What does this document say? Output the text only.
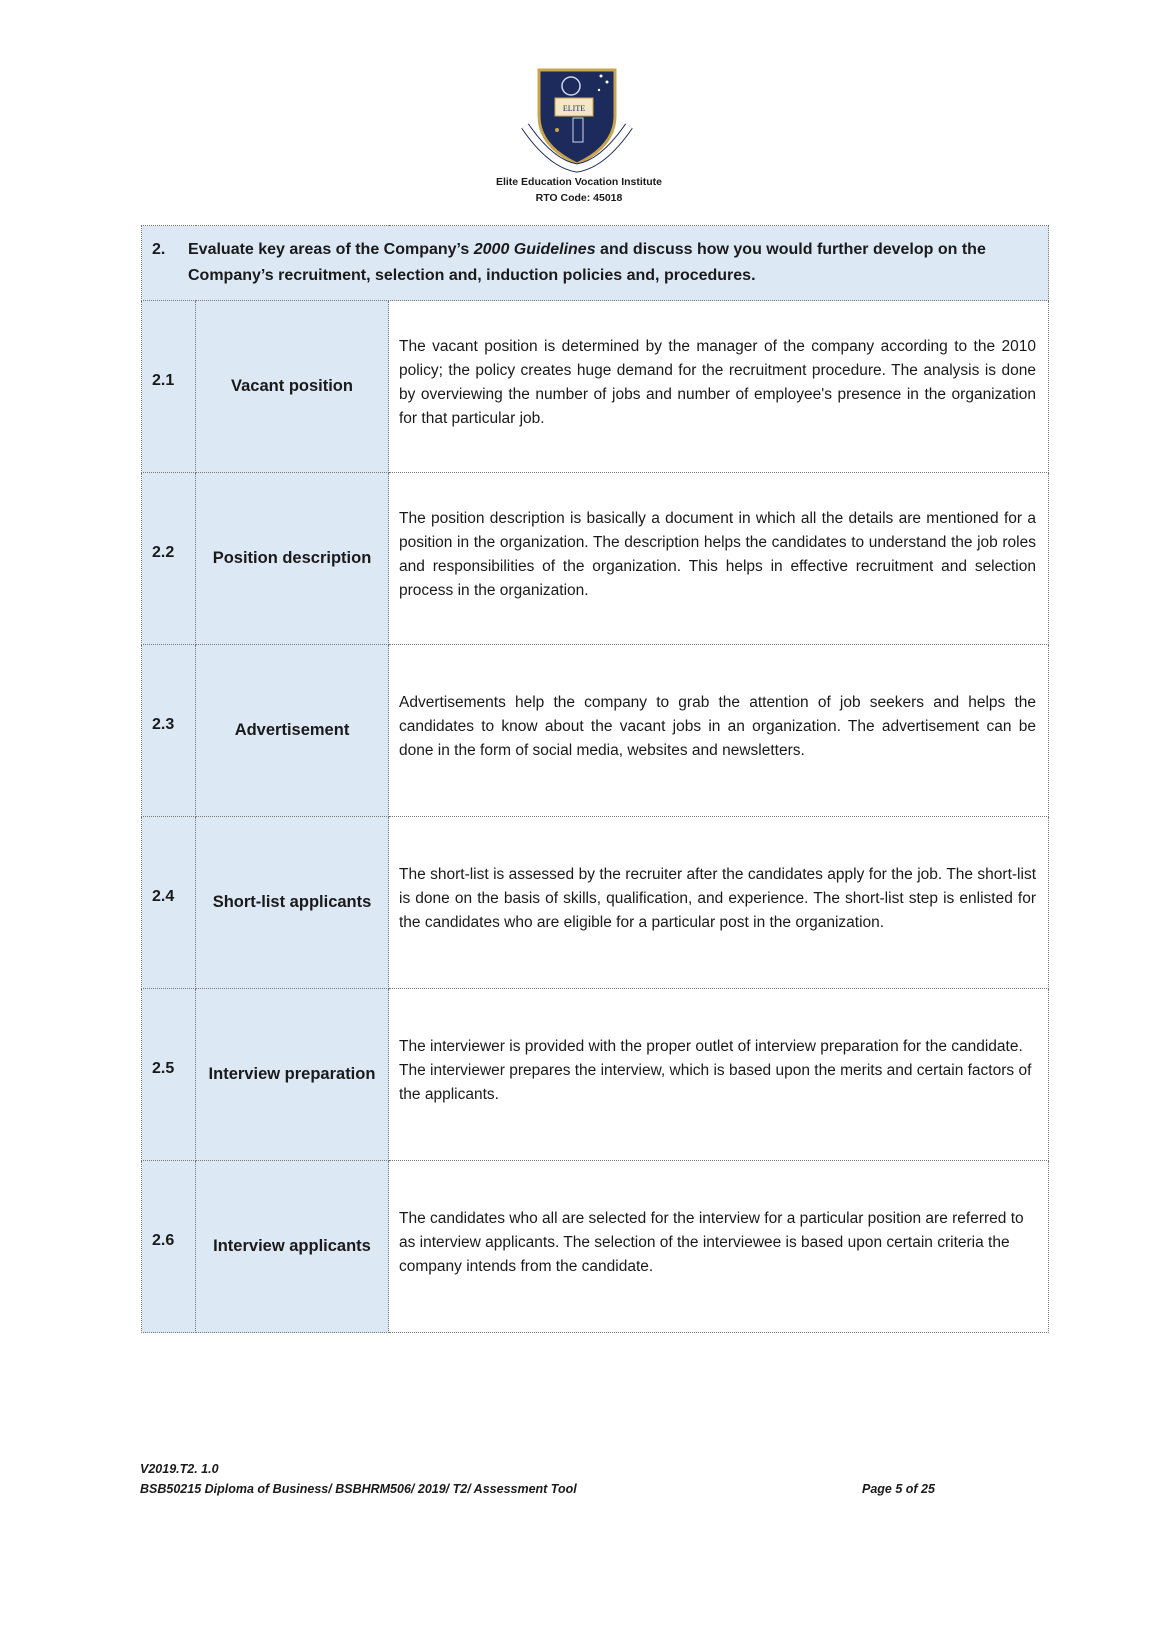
ELITE
Elite Education Vocation Institute
RTO Code: 45018
2. Evaluate key areas of the Company’s 2000 Guidelines and discuss how you would further develop on the Company’s recruitment, selection and, induction policies and, procedures.		
2.1	Vacant position	The vacant position is determined by the manager of the company according to the 2010 policy; the policy creates huge demand for the recruitment procedure. The analysis is done by overviewing the number of jobs and number of employee's presence in the organization for that particular job.

2.2	Position description	The position description is basically a document in which all the details are mentioned for a position in the organization. The description helps the candidates to understand the job roles and responsibilities of the organization. This helps in effective recruitment and selection process in the organization.

2.3	Advertisement	Advertisements help the company to grab the attention of job seekers and helps the candidates to know about the vacant jobs in an organization. The advertisement can be done in the form of social media, websites and newsletters.

2.4	Short-list applicants	The short-list is assessed by the recruiter after the candidates apply for the job. The short-list is done on the basis of skills, qualification, and experience. The short-list step is enlisted for the candidates who are eligible for a particular post in the organization.

2.5	Interview preparation	The interviewer is provided with the proper outlet of interview preparation for the candidate. The interviewer prepares the interview, which is based upon the merits and certain factors of the applicants.

2.6	Interview applicants	The candidates who all are selected for the interview for a particular position are referred to as interview applicants. The selection of the interviewee is based upon certain criteria the company intends from the candidate.
V2019.T2. 1.0
BSB50215 Diploma of Business/ BSBHRM506/ 2019/ T2/ Assessment Tool	Page 5 of 25
